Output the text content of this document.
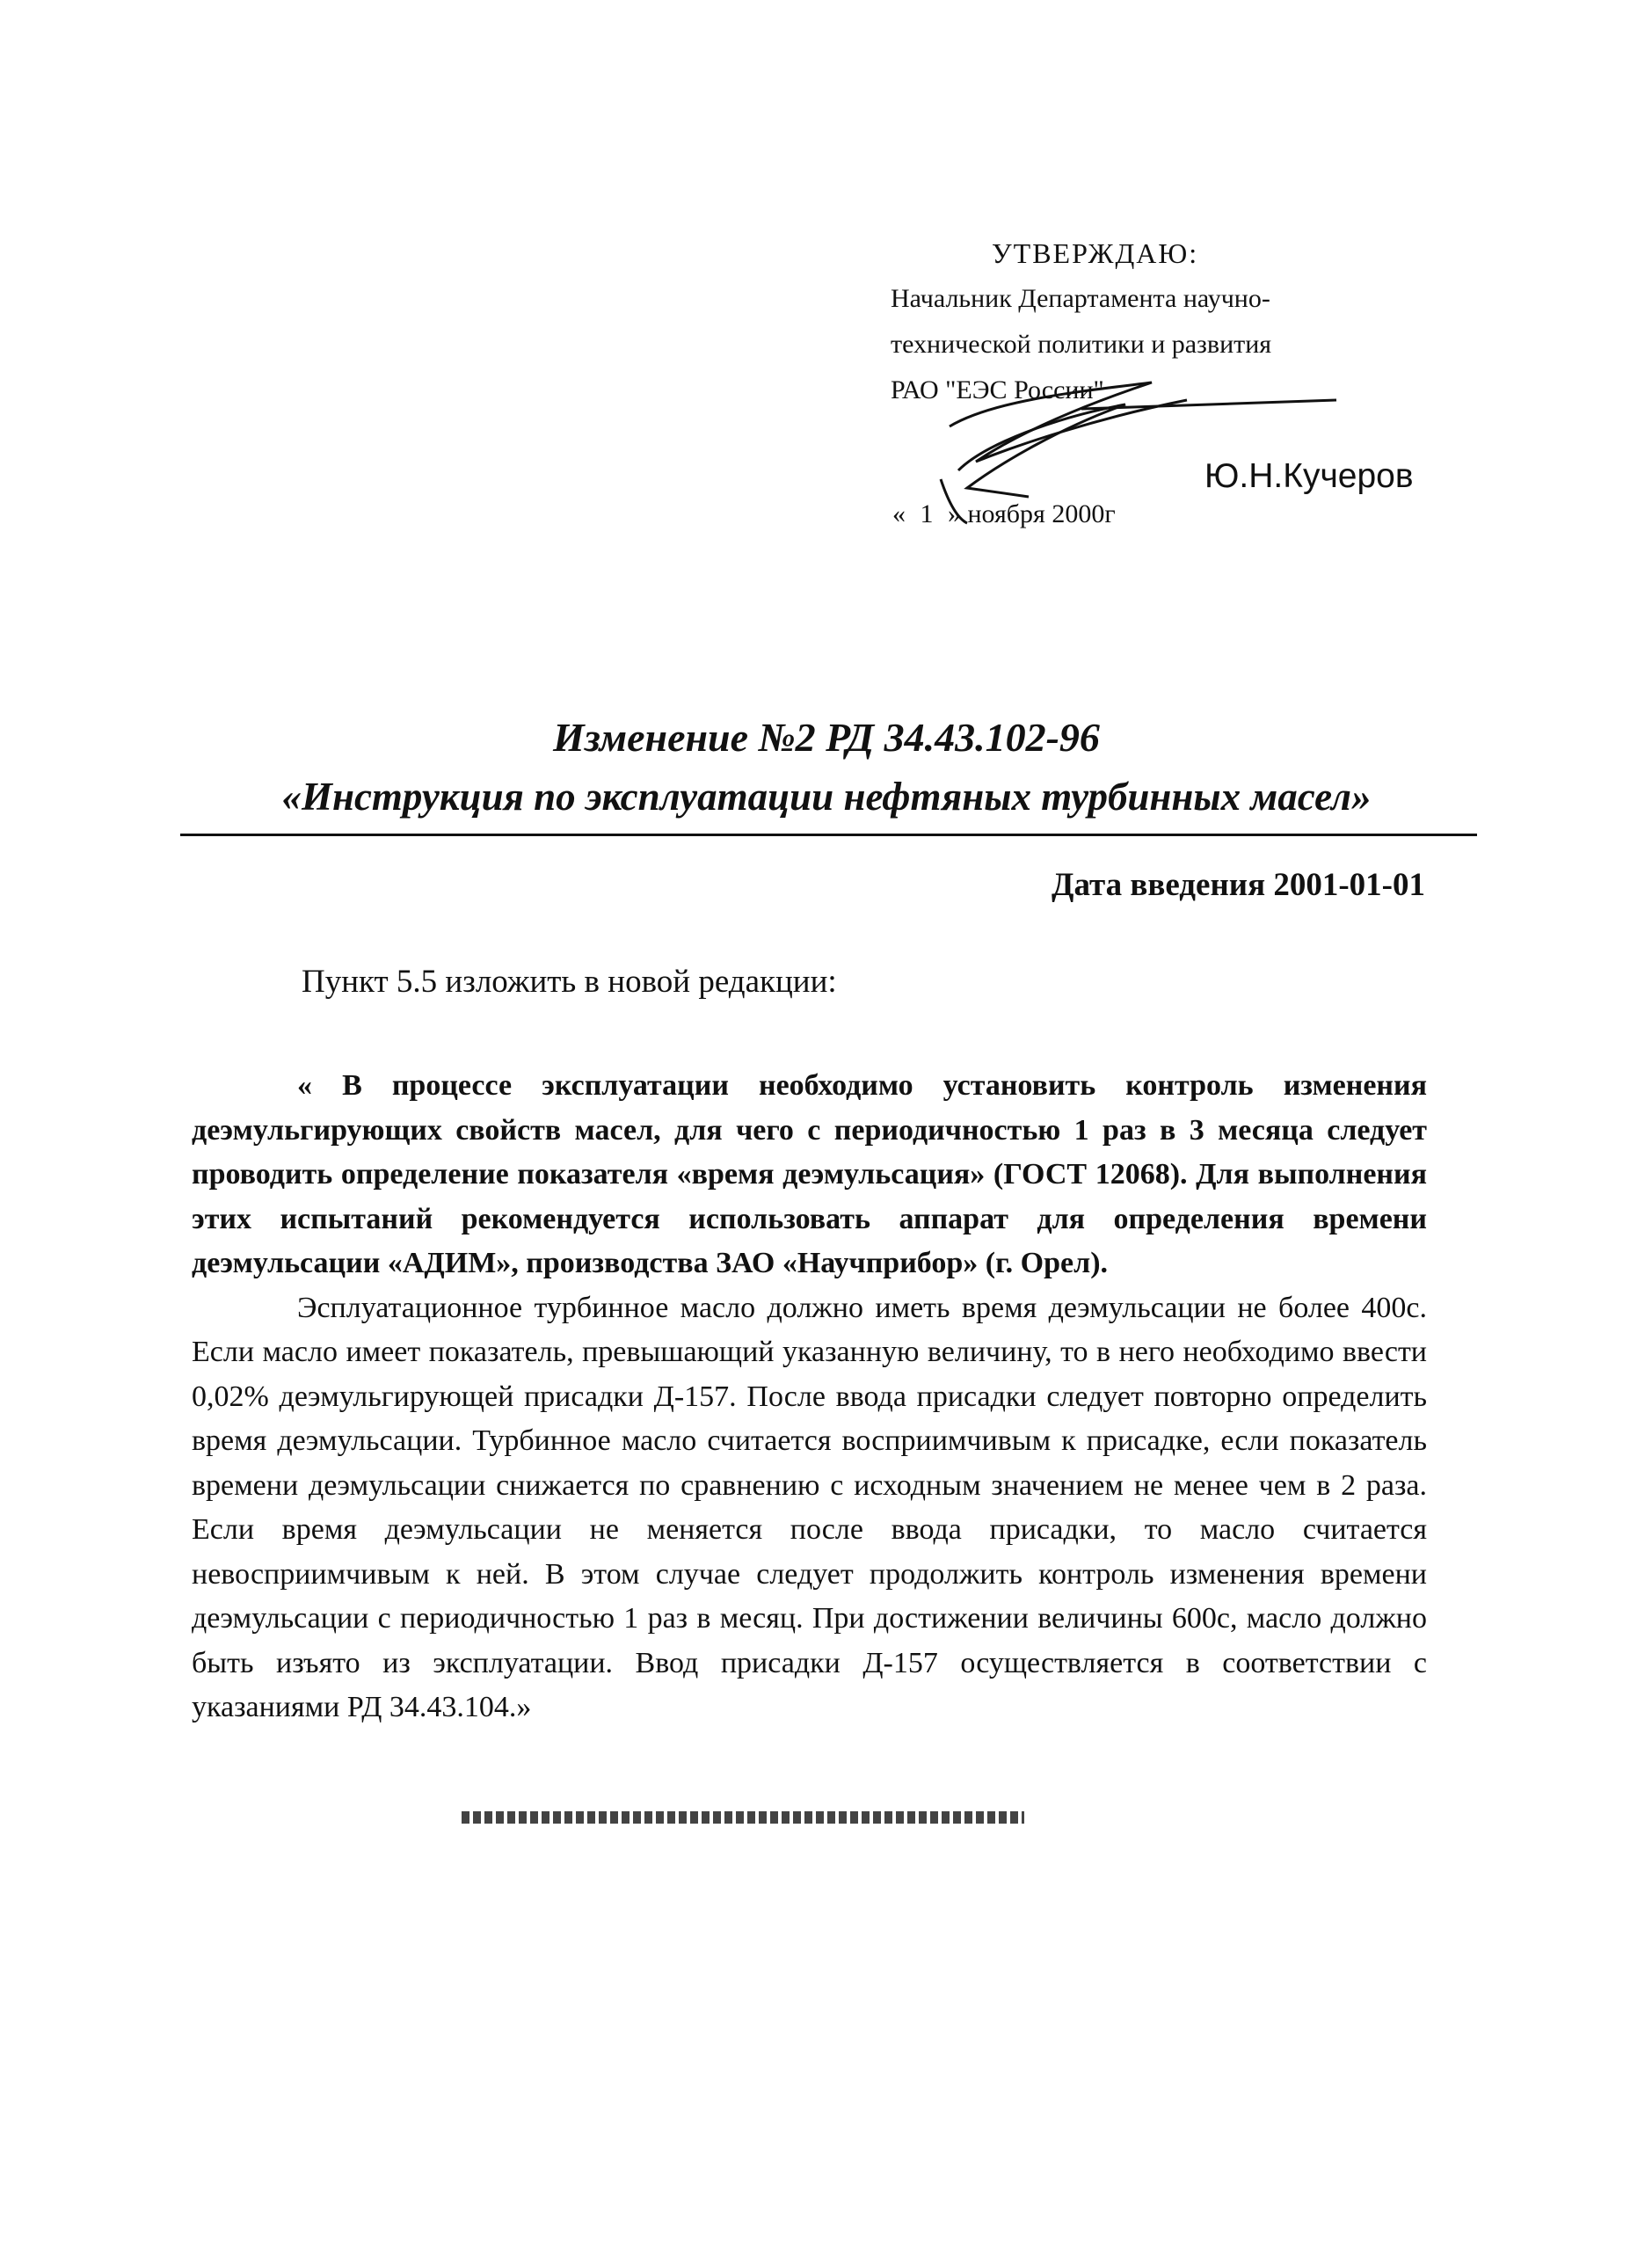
УТВЕРЖДАЮ:
Начальник Департамента научно-
технической политики и развития
РАО "ЕЭС России"
Ю.Н.Кучеров
« 1 » ноября 2000г
Изменение №2 РД 34.43.102-96
«Инструкция по эксплуатации нефтяных турбинных масел»
Дата введения 2001-01-01
Пункт 5.5 изложить в новой редакции:

« В процессе эксплуатации необходимо установить контроль изменения деэмульгирующих свойств масел, для чего с периодичностью 1 раз в 3 месяца следует проводить определение показателя «время деэмульсация» (ГОСТ 12068). Для выполнения этих испытаний рекомендуется использовать аппарат для определения времени деэмульсации «АДИМ», производства ЗАО «Научприбор» (г. Орел).

Эсплуатационное турбинное масло должно иметь время деэмульсации не более 400с. Если масло имеет показатель, превышающий указанную величину, то в него необходимо ввести 0,02% деэмульгирующей присадки Д-157. После ввода присадки следует повторно определить время деэмульсации. Турбинное масло считается восприимчивым к присадке, если показатель времени деэмульсации снижается по сравнению с исходным значением не менее чем в 2 раза. Если время деэмульсации не меняется после ввода присадки, то масло считается невосприимчивым к ней. В этом случае следует продолжить контроль изменения времени деэмульсации с периодичностью 1 раз в месяц. При достижении величины 600с, масло должно быть изъято из эксплуатации. Ввод присадки Д-157 осуществляется в соответствии с указаниями РД 34.43.104.»
